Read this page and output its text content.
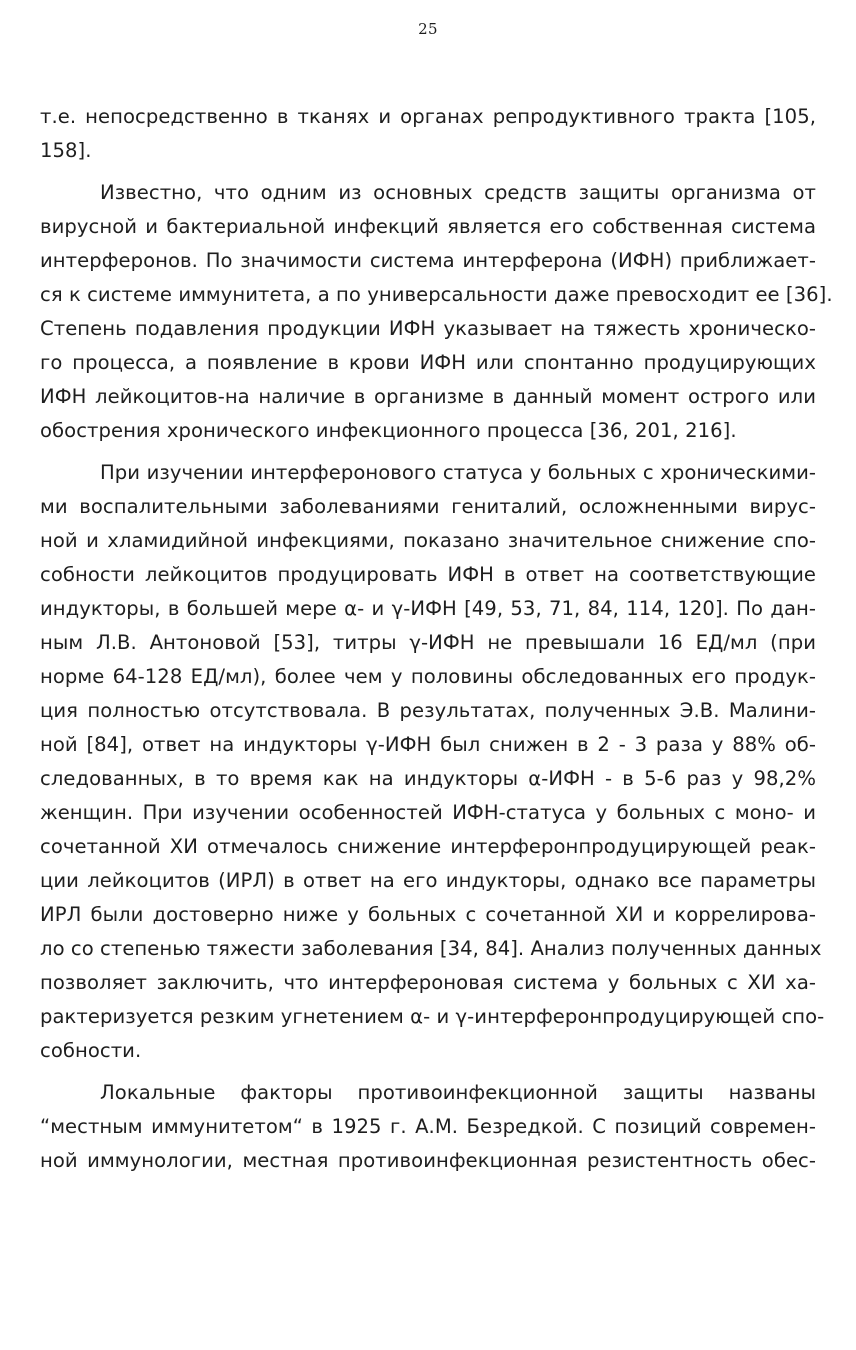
25
т.е. непосредственно в тканях и органах репродуктивного тракта [105,
158].
Известно, что одним из основных средств защиты организма от
вирусной и бактериальной инфекций является его собственная система
интерферонов. По значимости система интерферона (ИФН) приближает-
ся к системе иммунитета, а по универсальности даже превосходит ее [36].
Степень подавления продукции ИФН указывает на тяжесть хроническо-
го процесса, а появление в крови ИФН или спонтанно продуцирующих
ИФН лейкоцитов-на наличие в организме в данный момент острого или
обострения хронического инфекционного процесса [36, 201, 216].
При изучении интерферонового статуса у больных с хроническими-
ми воспалительными заболеваниями гениталий, осложненными вирус-
ной и хламидийной инфекциями, показано значительное снижение спо-
собности лейкоцитов продуцировать ИФН в ответ на соответствующие
индукторы, в большей мере α- и γ-ИФН [49, 53, 71, 84, 114, 120]. По дан-
ным Л.В. Антоновой [53], титры γ-ИФН не превышали 16 ЕД/мл (при
норме 64-128 ЕД/мл), более чем у половины обследованных его продук-
ция полностью отсутствовала. В результатах, полученных Э.В. Малини-
ной [84], ответ на индукторы γ-ИФН был снижен в 2 - 3 раза у 88% об-
следованных, в то время как на индукторы α-ИФН - в 5-6 раз у 98,2%
женщин. При изучении особенностей ИФН-статуса у больных с моно- и
сочетанной ХИ отмечалось снижение интерферонпродуцирующей реак-
ции лейкоцитов (ИРЛ) в ответ на его индукторы, однако все параметры
ИРЛ были достоверно ниже у больных с сочетанной ХИ и коррелирова-
ло со степенью тяжести заболевания [34, 84]. Анализ полученных данных
позволяет заключить, что интерфероновая система у больных с ХИ ха-
рактеризуется резким угнетением α- и γ-интерферонпродуцирующей спо-
собности.
Локальные факторы противоинфекционной защиты названы
“местным иммунитетом“ в 1925 г. А.М. Безредкой. С позиций современ-
ной иммунологии, местная противоинфекционная резистентность обес-
